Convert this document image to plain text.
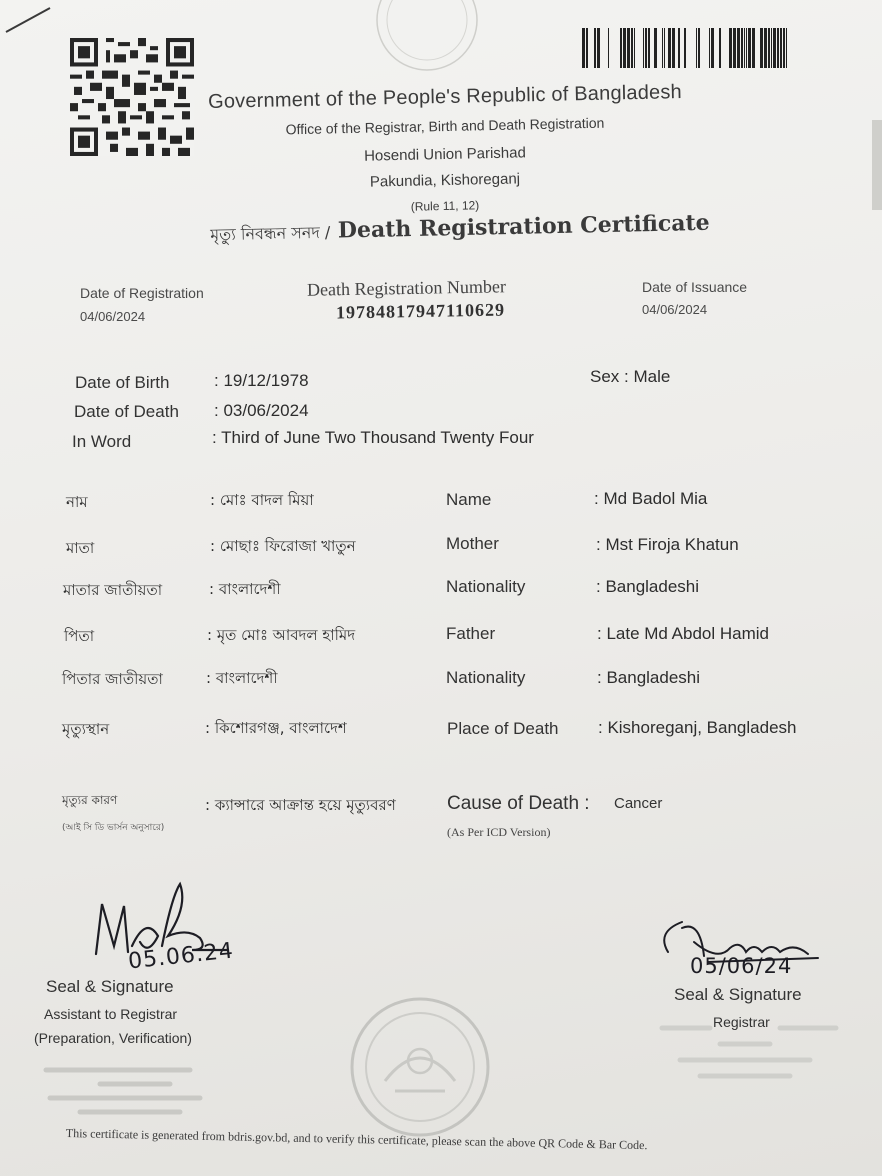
Government of the People's Republic of Bangladesh
Office of the Registrar, Birth and Death Registration
Hosendi Union Parishad
Pakundia, Kishoreganj
(Rule 11, 12)
মৃত্যু নিবন্ধন সনদ / Death Registration Certificate
Date of Registration
04/06/2024
Death Registration Number
19784817947110629
Date of Issuance
04/06/2024
Date of Birth	: 19/12/1978	Sex : Male
Date of Death : 03/06/2024
In Word	: Third of June Two Thousand Twenty Four
নাম	: মোঃ বাদল মিয়া	Name	: Md Badol Mia
মাতা	: মোছাঃ ফিরোজা খাতুন	Mother	: Mst Firoja Khatun
মাতার জাতীয়তা	: বাংলাদেশী	Nationality	: Bangladeshi
পিতা	: মৃত মোঃ আবদল হামিদ	Father	: Late Md Abdol Hamid
পিতার জাতীয়তা	: বাংলাদেশী	Nationality	: Bangladeshi
মৃত্যুস্থান	: কিশোরগঞ্জ, বাংলাদেশ	Place of Death : Kishoreganj, Bangladesh
মৃত্যুর কারণ
(আই সি ডি ভার্সন অনুসারে)
: ক্যান্সারে আক্রান্ত হয়ে মৃত্যুবরণ	Cause of Death : Cancer
(As Per ICD Version)
05.06.24
Seal & Signature
Assistant to Registrar
(Preparation, Verification)
05/06/24
Seal & Signature
Registrar
This certificate is generated from bdris.gov.bd, and to verify this certificate, please scan the above QR Code & Bar Code.
